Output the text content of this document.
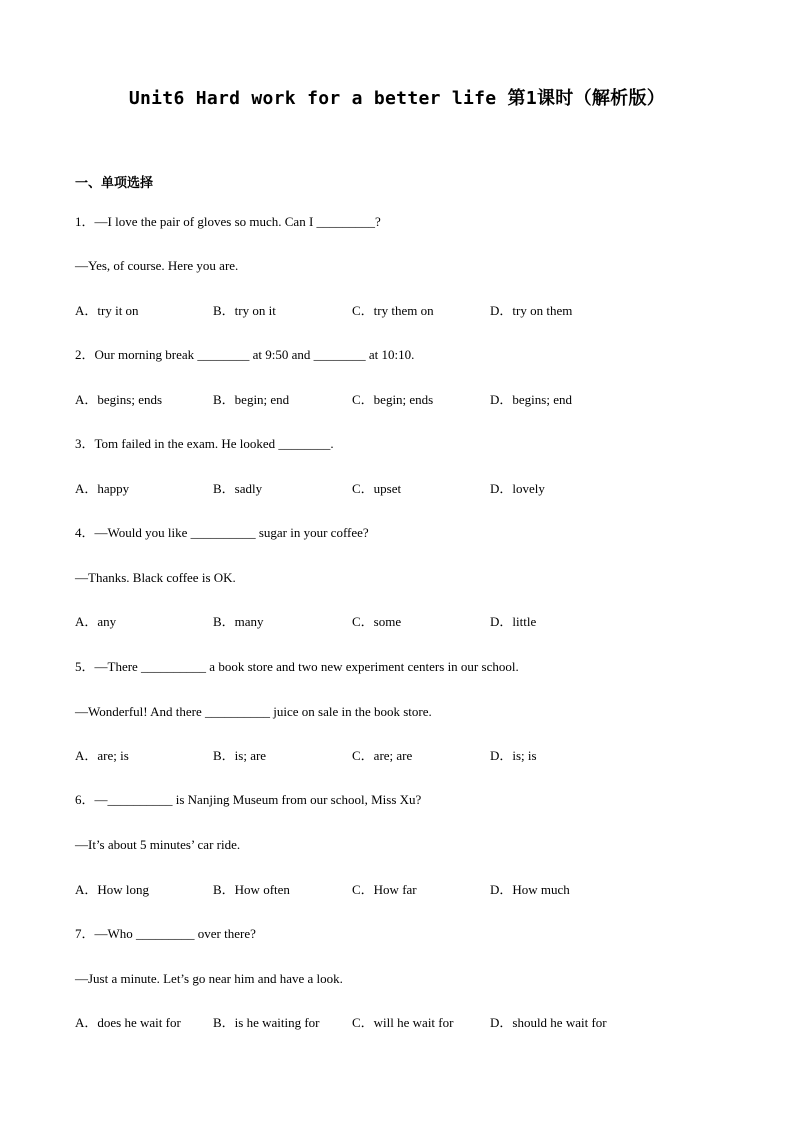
Unit6 Hard work for a better life 第1课时（解析版）
一、单项选择
1．—I love the pair of gloves so much. Can I _________?
—Yes, of course. Here you are.
A．try it on	B．try on it	C．try them on	D．try on them
2．Our morning break ________ at 9:50 and ________ at 10:10.
A．begins; ends	B．begin; end	C．begin; ends	D．begins; end
3．Tom failed in the exam. He looked ________.
A．happy	B．sadly	C．upset	D．lovely
4．—Would you like __________ sugar in your coffee?
—Thanks. Black coffee is OK.
A．any	B．many	C．some	D．little
5．—There __________ a book store and two new experiment centers in our school.
—Wonderful! And there __________ juice on sale in the book store.
A．are; is	B．is; are	C．are; are	D．is; is
6．—__________ is Nanjing Museum from our school, Miss Xu?
—It’s about 5 minutes’ car ride.
A．How long	B．How often	C．How far	D．How much
7．—Who _________ over there?
—Just a minute. Let’s go near him and have a look.
A．does he wait for B．is he waiting for C．will he wait for	D．should he wait for
